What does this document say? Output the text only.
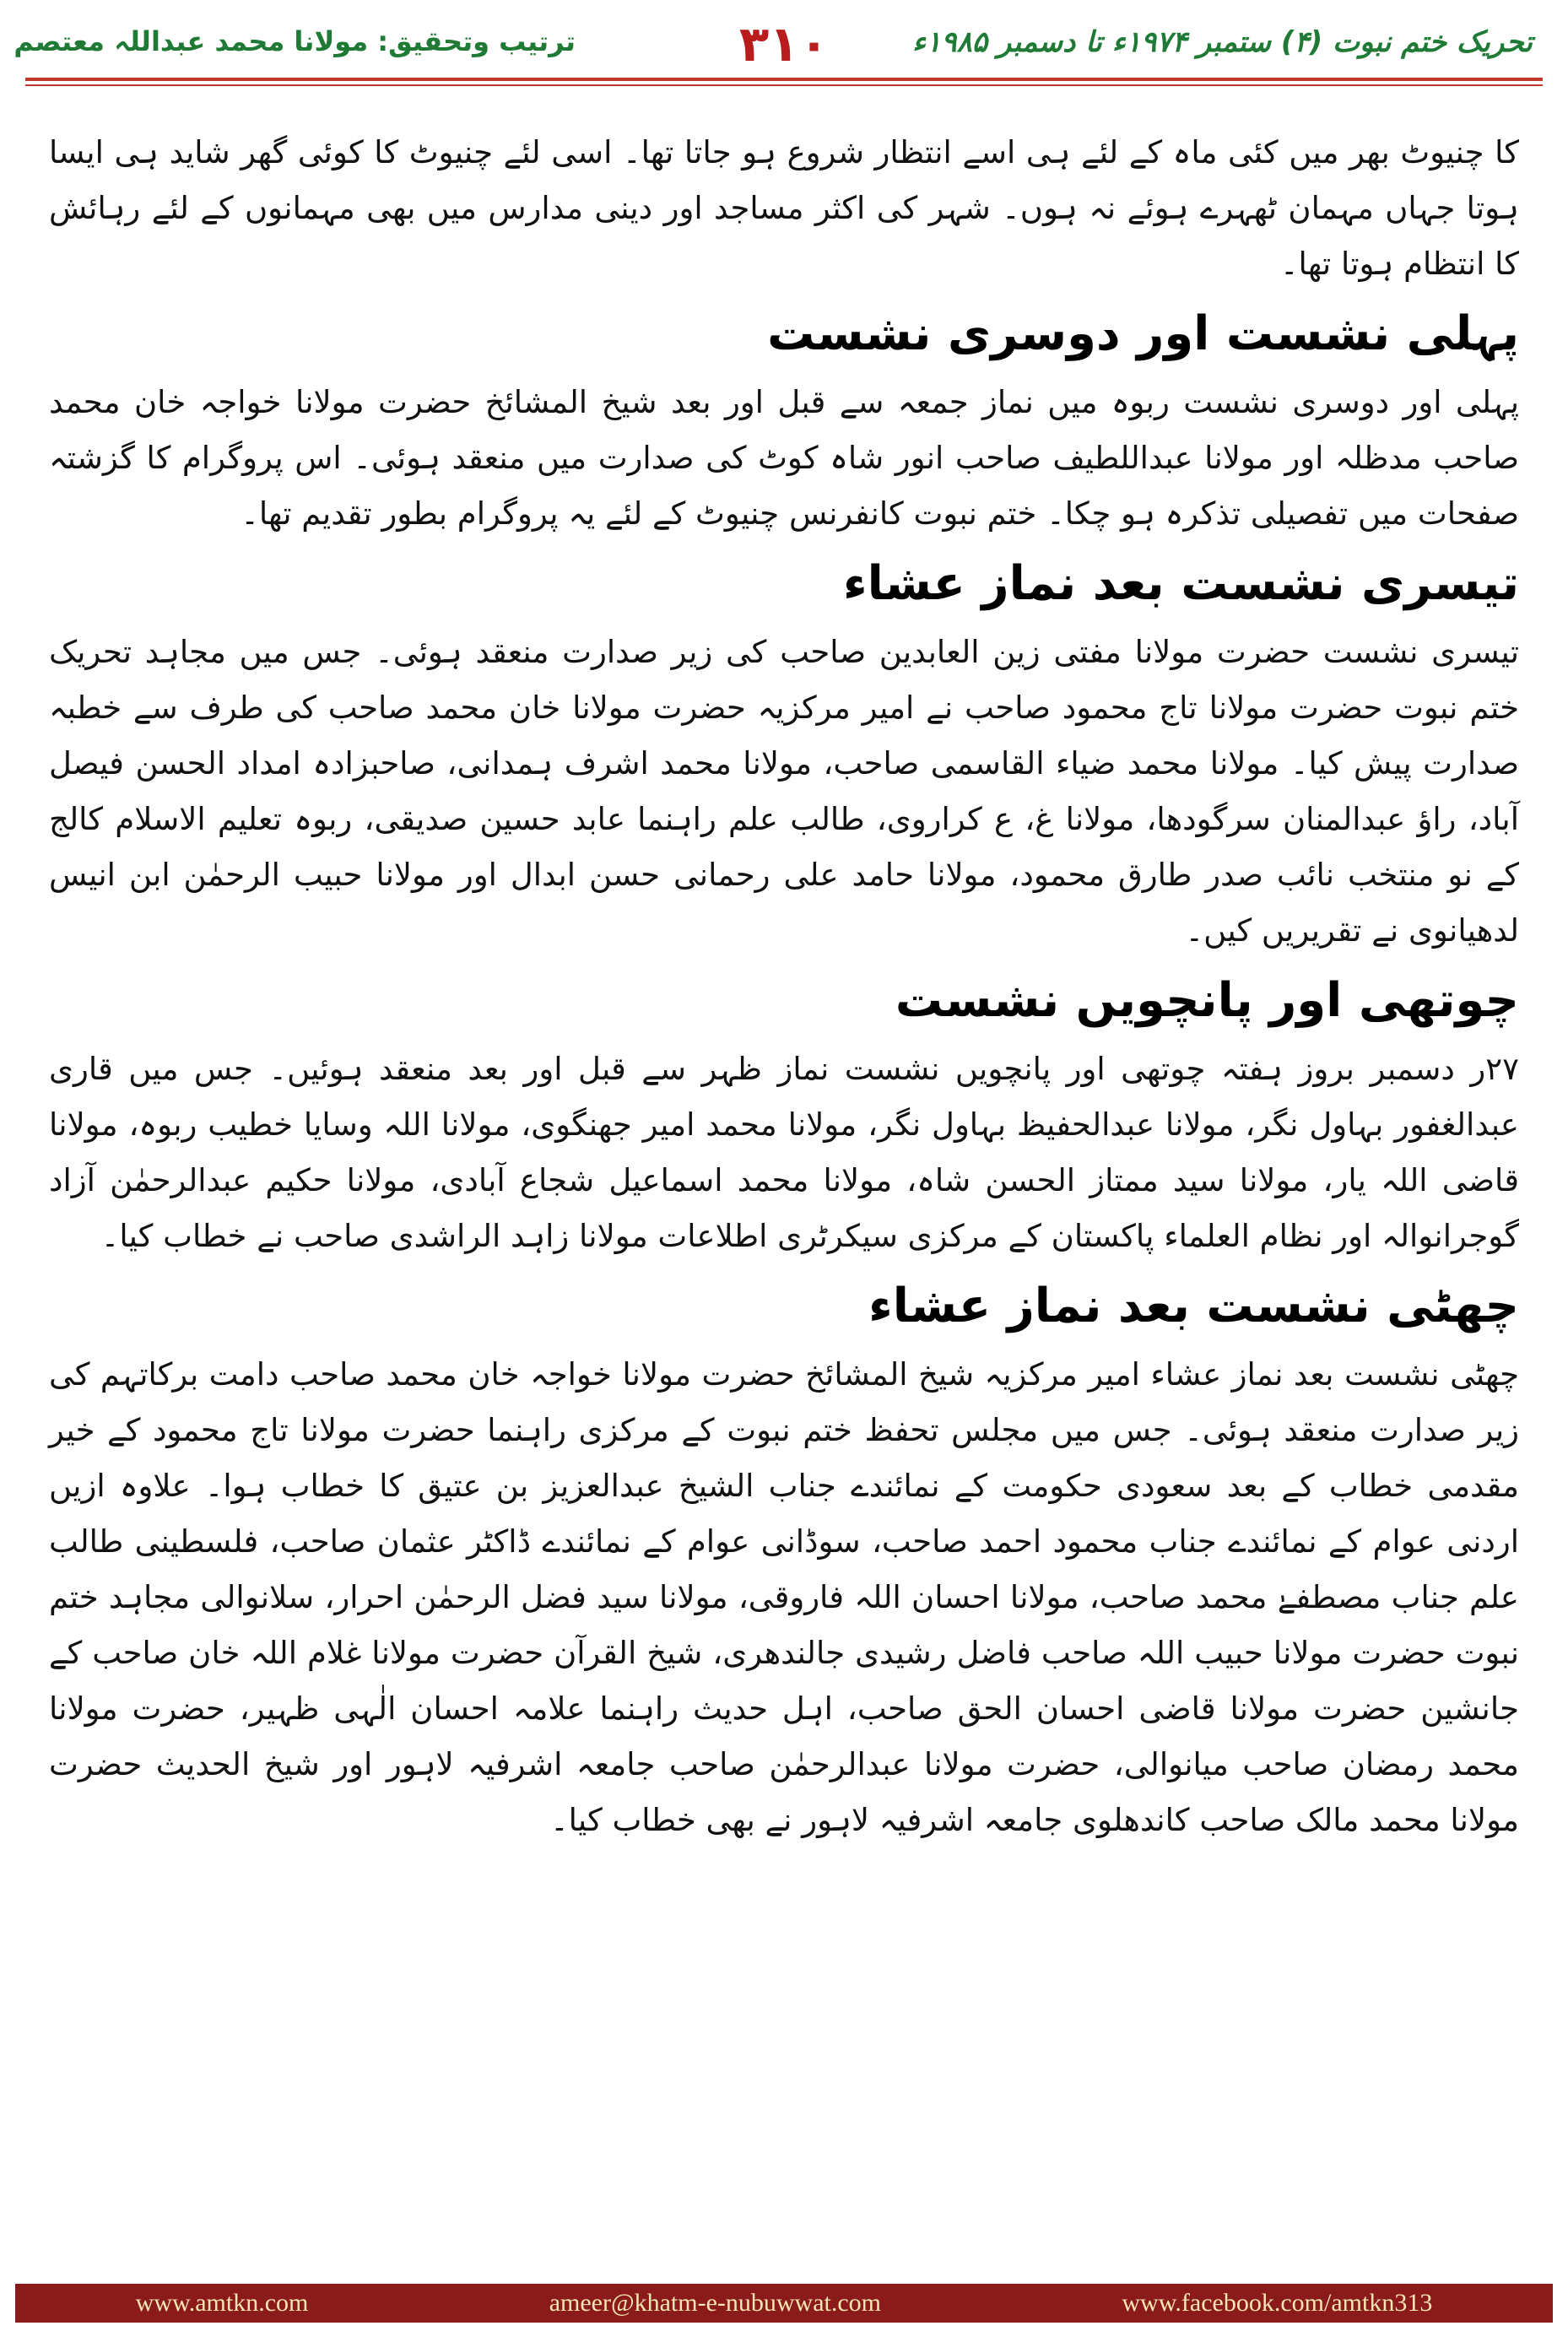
تحریک ختم نبوت (۴) ستمبر ۱۹۷۴ء تا دسمبر ۱۹۸۵ء
۳۱۰
ترتیب وتحقیق: مولانا محمد عبداللہ معتصم

کا چنیوٹ بھر میں کئی ماہ کے لئے ہی اسے انتظار شروع ہو جاتا تھا۔ اسی لئے چنیوٹ کا کوئی گھر شاید ہی ایسا ہوتا جہاں مہمان ٹھہرے ہوئے نہ ہوں۔ شہر کی اکثر مساجد اور دینی مدارس میں بھی مہمانوں کے لئے رہائش کا انتظام ہوتا تھا۔

پہلی نشست اور دوسری نشست

پہلی اور دوسری نشست ربوہ میں نماز جمعہ سے قبل اور بعد شیخ المشائخ حضرت مولانا خواجہ خان محمد صاحب مدظلہ اور مولانا عبداللطیف صاحب انور شاہ کوٹ کی صدارت میں منعقد ہوئی۔ اس پروگرام کا گزشتہ صفحات میں تفصیلی تذکرہ ہو چکا۔ ختم نبوت کانفرنس چنیوٹ کے لئے یہ پروگرام بطور تقدیم تھا۔

تیسری نشست بعد نماز عشاء

تیسری نشست حضرت مولانا مفتی زین العابدین صاحب کی زیر صدارت منعقد ہوئی۔ جس میں مجاہد تحریک ختم نبوت حضرت مولانا تاج محمود صاحب نے امیر مرکزیہ حضرت مولانا خان محمد صاحب کی طرف سے خطبہ صدارت پیش کیا۔ مولانا محمد ضیاء القاسمی صاحب، مولانا محمد اشرف ہمدانی، صاحبزادہ امداد الحسن فیصل آباد، راؤ عبدالمنان سرگودھا، مولانا غ، ع کراروی، طالب علم راہنما عابد حسین صدیقی، ربوہ تعلیم الاسلام کالج کے نو منتخب نائب صدر طارق محمود، مولانا حامد علی رحمانی حسن ابدال اور مولانا حبیب الرحمٰن ابن انیس لدھیانوی نے تقریریں کیں۔

چوتھی اور پانچویں نشست

۲۷ر دسمبر بروز ہفتہ چوتھی اور پانچویں نشست نماز ظہر سے قبل اور بعد منعقد ہوئیں۔ جس میں قاری عبدالغفور بہاول نگر، مولانا عبدالحفیظ بہاول نگر، مولانا محمد امیر جھنگوی، مولانا اللہ وسایا خطیب ربوہ، مولانا قاضی اللہ یار، مولانا سید ممتاز الحسن شاہ، مولانا محمد اسماعیل شجاع آبادی، مولانا حکیم عبدالرحمٰن آزاد گوجرانوالہ اور نظام العلماء پاکستان کے مرکزی سیکرٹری اطلاعات مولانا زاہد الراشدی صاحب نے خطاب کیا۔

چھٹی نشست بعد نماز عشاء

چھٹی نشست بعد نماز عشاء امیر مرکزیہ شیخ المشائخ حضرت مولانا خواجہ خان محمد صاحب دامت برکاتہم کی زیر صدارت منعقد ہوئی۔ جس میں مجلس تحفظ ختم نبوت کے مرکزی راہنما حضرت مولانا تاج محمود کے خیر مقدمی خطاب کے بعد سعودی حکومت کے نمائندے جناب الشیخ عبدالعزیز بن عتیق کا خطاب ہوا۔ علاوہ ازیں اردنی عوام کے نمائندے جناب محمود احمد صاحب، سوڈانی عوام کے نمائندے ڈاکٹر عثمان صاحب، فلسطینی طالب علم جناب مصطفےٰ محمد صاحب، مولانا احسان اللہ فاروقی، مولانا سید فضل الرحمٰن احرار، سلانوالی مجاہد ختم نبوت حضرت مولانا حبیب اللہ صاحب فاضل رشیدی جالندھری، شیخ القرآن حضرت مولانا غلام اللہ خان صاحب کے جانشین حضرت مولانا قاضی احسان الحق صاحب، اہل حدیث راہنما علامہ احسان الٰہی ظہیر، حضرت مولانا محمد رمضان صاحب میانوالی، حضرت مولانا عبدالرحمٰن صاحب جامعہ اشرفیہ لاہور اور شیخ الحدیث حضرت مولانا محمد مالک صاحب کاندھلوی جامعہ اشرفیہ لاہور نے بھی خطاب کیا۔

www.amtkn.com	ameer@khatm-e-nubuwwat.com	www.facebook.com/amtkn313
